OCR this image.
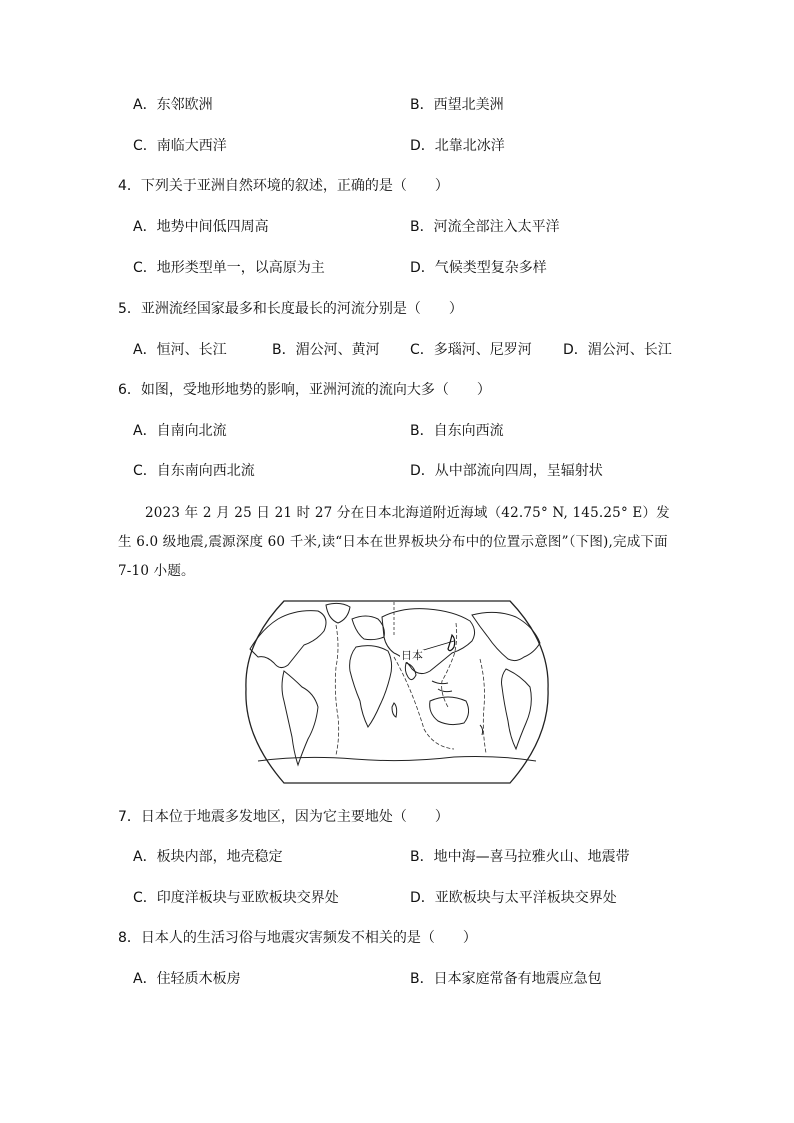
A．东邻欧洲	B．西望北美洲
C．南临大西洋	D．北靠北冰洋
4．下列关于亚洲自然环境的叙述，正确的是（　　）
A．地势中间低四周高	B．河流全部注入太平洋
C．地形类型单一，以高原为主	D．气候类型复杂多样
5．亚洲流经国家最多和长度最长的河流分别是（　　）
A．恒河、长江	B．湄公河、黄河 C．多瑙河、尼罗河 D．湄公河、长江
6．如图，受地形地势的影响，亚洲河流的流向大多（　　）
A．自南向北流	B．自东向西流
C．自东南向西北流	D．从中部流向四周，呈辐射状
2023 年 2 月 25 日 21 时 27 分在日本北海道附近海域（42.75° N, 145.25° E）发生 6.0 级地震,震源深度 60 千米,读“日本在世界板块分布中的位置示意图”（下图),完成下面 7-10 小题。
日本
7．日本位于地震多发地区，因为它主要地处（　　）
A．板块内部，地壳稳定	B．地中海—喜马拉雅火山、地震带
C．印度洋板块与亚欧板块交界处	D．亚欧板块与太平洋板块交界处
8．日本人的生活习俗与地震灾害频发不相关的是（　　）
A．住轻质木板房	B．日本家庭常备有地震应急包
